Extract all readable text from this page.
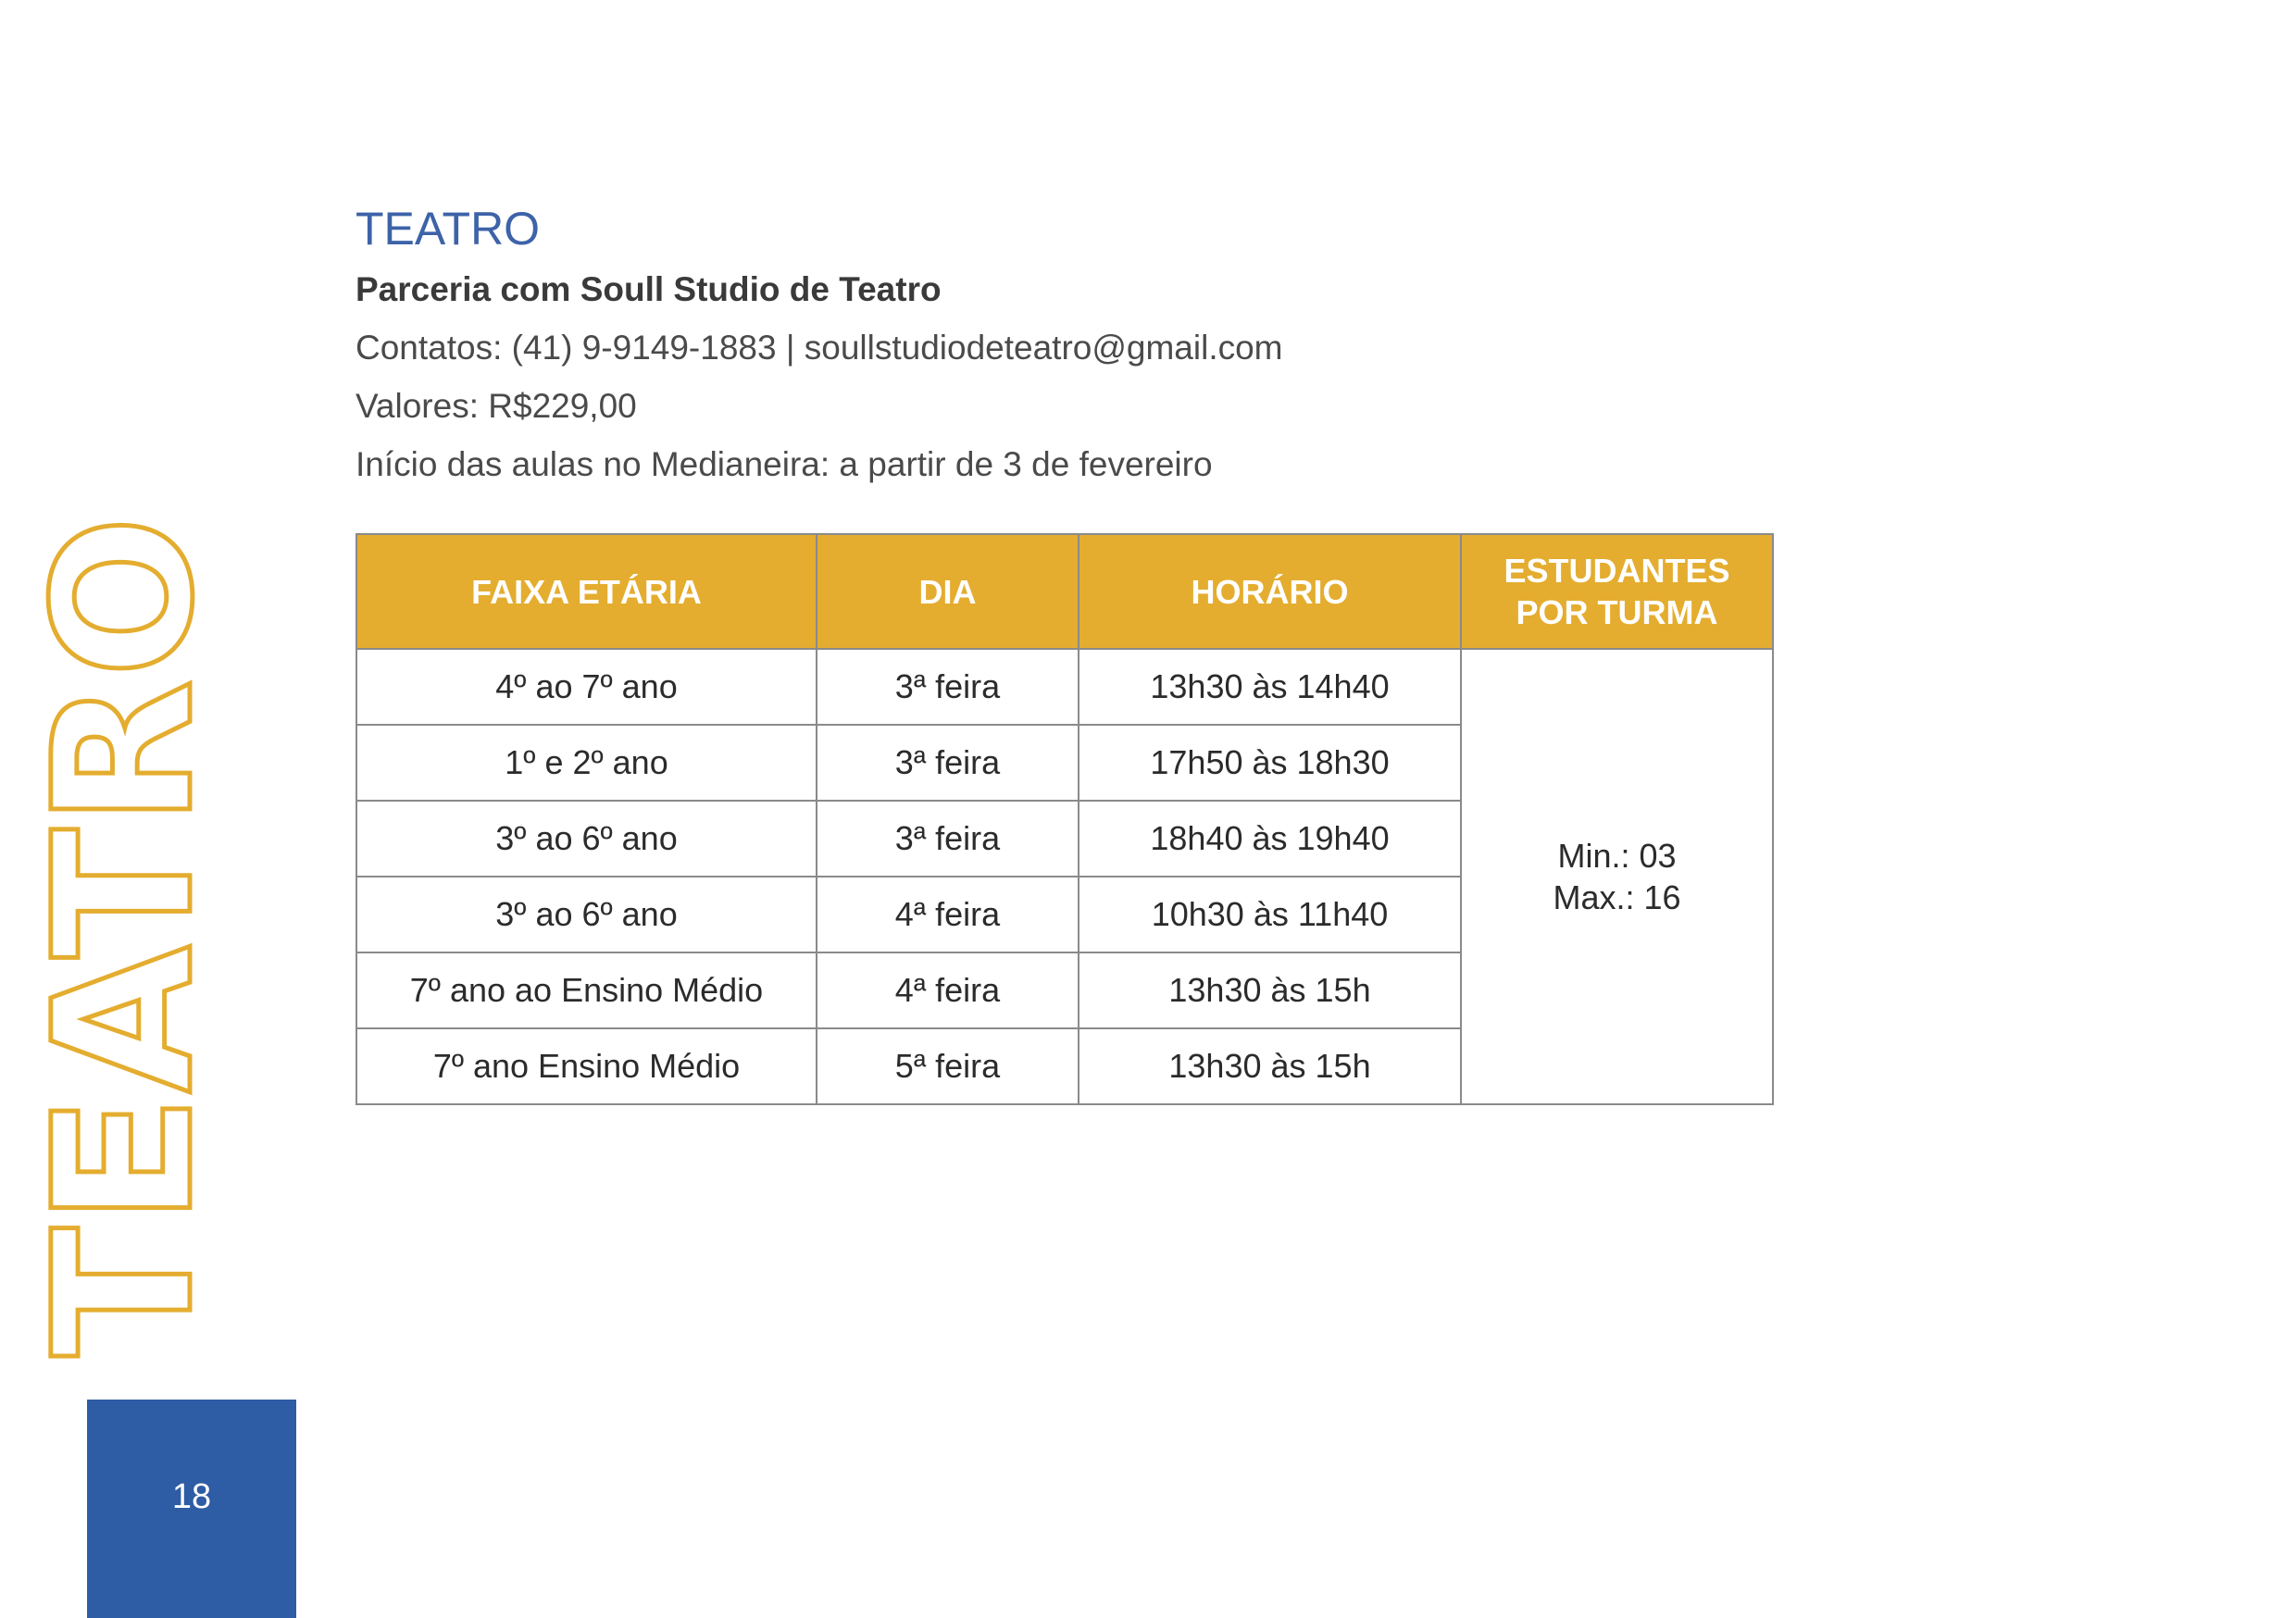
TEATRO
18
TEATRO
Parceria com Soull Studio de Teatro
Contatos: (41) 9-9149-1883 | soullstudiodeteatro@gmail.com
Valores: R$229,00
Início das aulas no Medianeira: a partir de 3 de fevereiro
FAIXA ETÁRIA	DIA	HORÁRIO	ESTUDANTES POR TURMA
4º ao 7º ano	3ª feira	13h30 às 14h40	Min.: 03
Max.: 16

1º e 2º ano	3ª feira	17h50 às 18h30	
3º ao 6º ano	3ª feira	18h40 às 19h40	
3º ao 6º ano	4ª feira	10h30 às 11h40	
7º ano ao Ensino Médio	4ª feira	13h30 às 15h	
7º ano Ensino Médio	5ª feira	13h30 às 15h	
